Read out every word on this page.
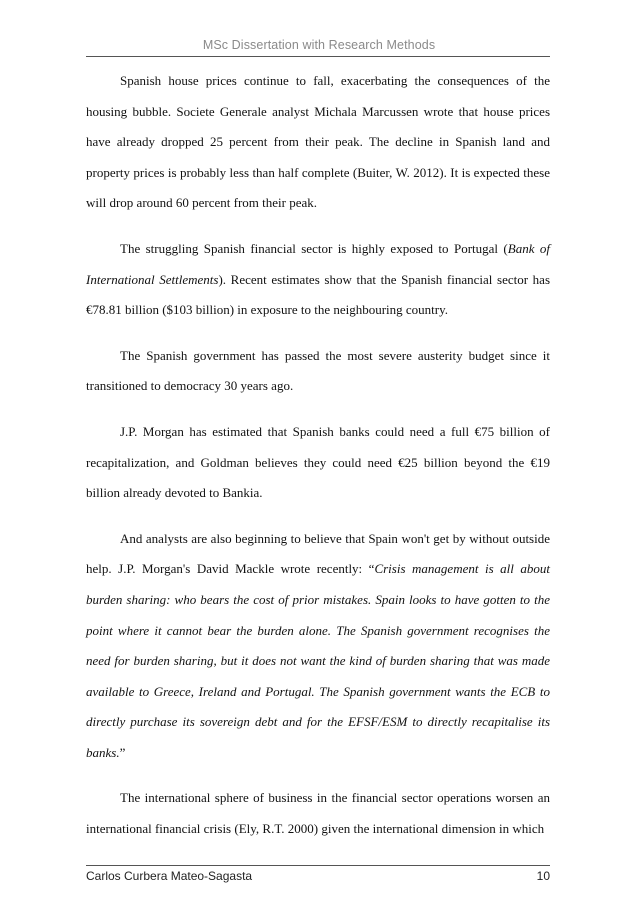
MSc Dissertation with Research Methods

Spanish house prices continue to fall, exacerbating the consequences of the housing bubble. Societe Generale analyst Michala Marcussen wrote that house prices have already dropped 25 percent from their peak. The decline in Spanish land and property prices is probably less than half complete (Buiter, W. 2012). It is expected these will drop around 60 percent from their peak.

The struggling Spanish financial sector is highly exposed to Portugal (Bank of International Settlements). Recent estimates show that the Spanish financial sector has €78.81 billion ($103 billion) in exposure to the neighbouring country.

The Spanish government has passed the most severe austerity budget since it transitioned to democracy 30 years ago.

J.P. Morgan has estimated that Spanish banks could need a full €75 billion of recapitalization, and Goldman believes they could need €25 billion beyond the €19 billion already devoted to Bankia.

And analysts are also beginning to believe that Spain won't get by without outside help. J.P. Morgan's David Mackle wrote recently: “Crisis management is all about burden sharing: who bears the cost of prior mistakes. Spain looks to have gotten to the point where it cannot bear the burden alone. The Spanish government recognises the need for burden sharing, but it does not want the kind of burden sharing that was made available to Greece, Ireland and Portugal. The Spanish government wants the ECB to directly purchase its sovereign debt and for the EFSF/ESM to directly recapitalise its banks.”

The international sphere of business in the financial sector operations worsen an international financial crisis (Ely, R.T. 2000) given the international dimension in which

Carlos Curbera Mateo-Sagasta	10
